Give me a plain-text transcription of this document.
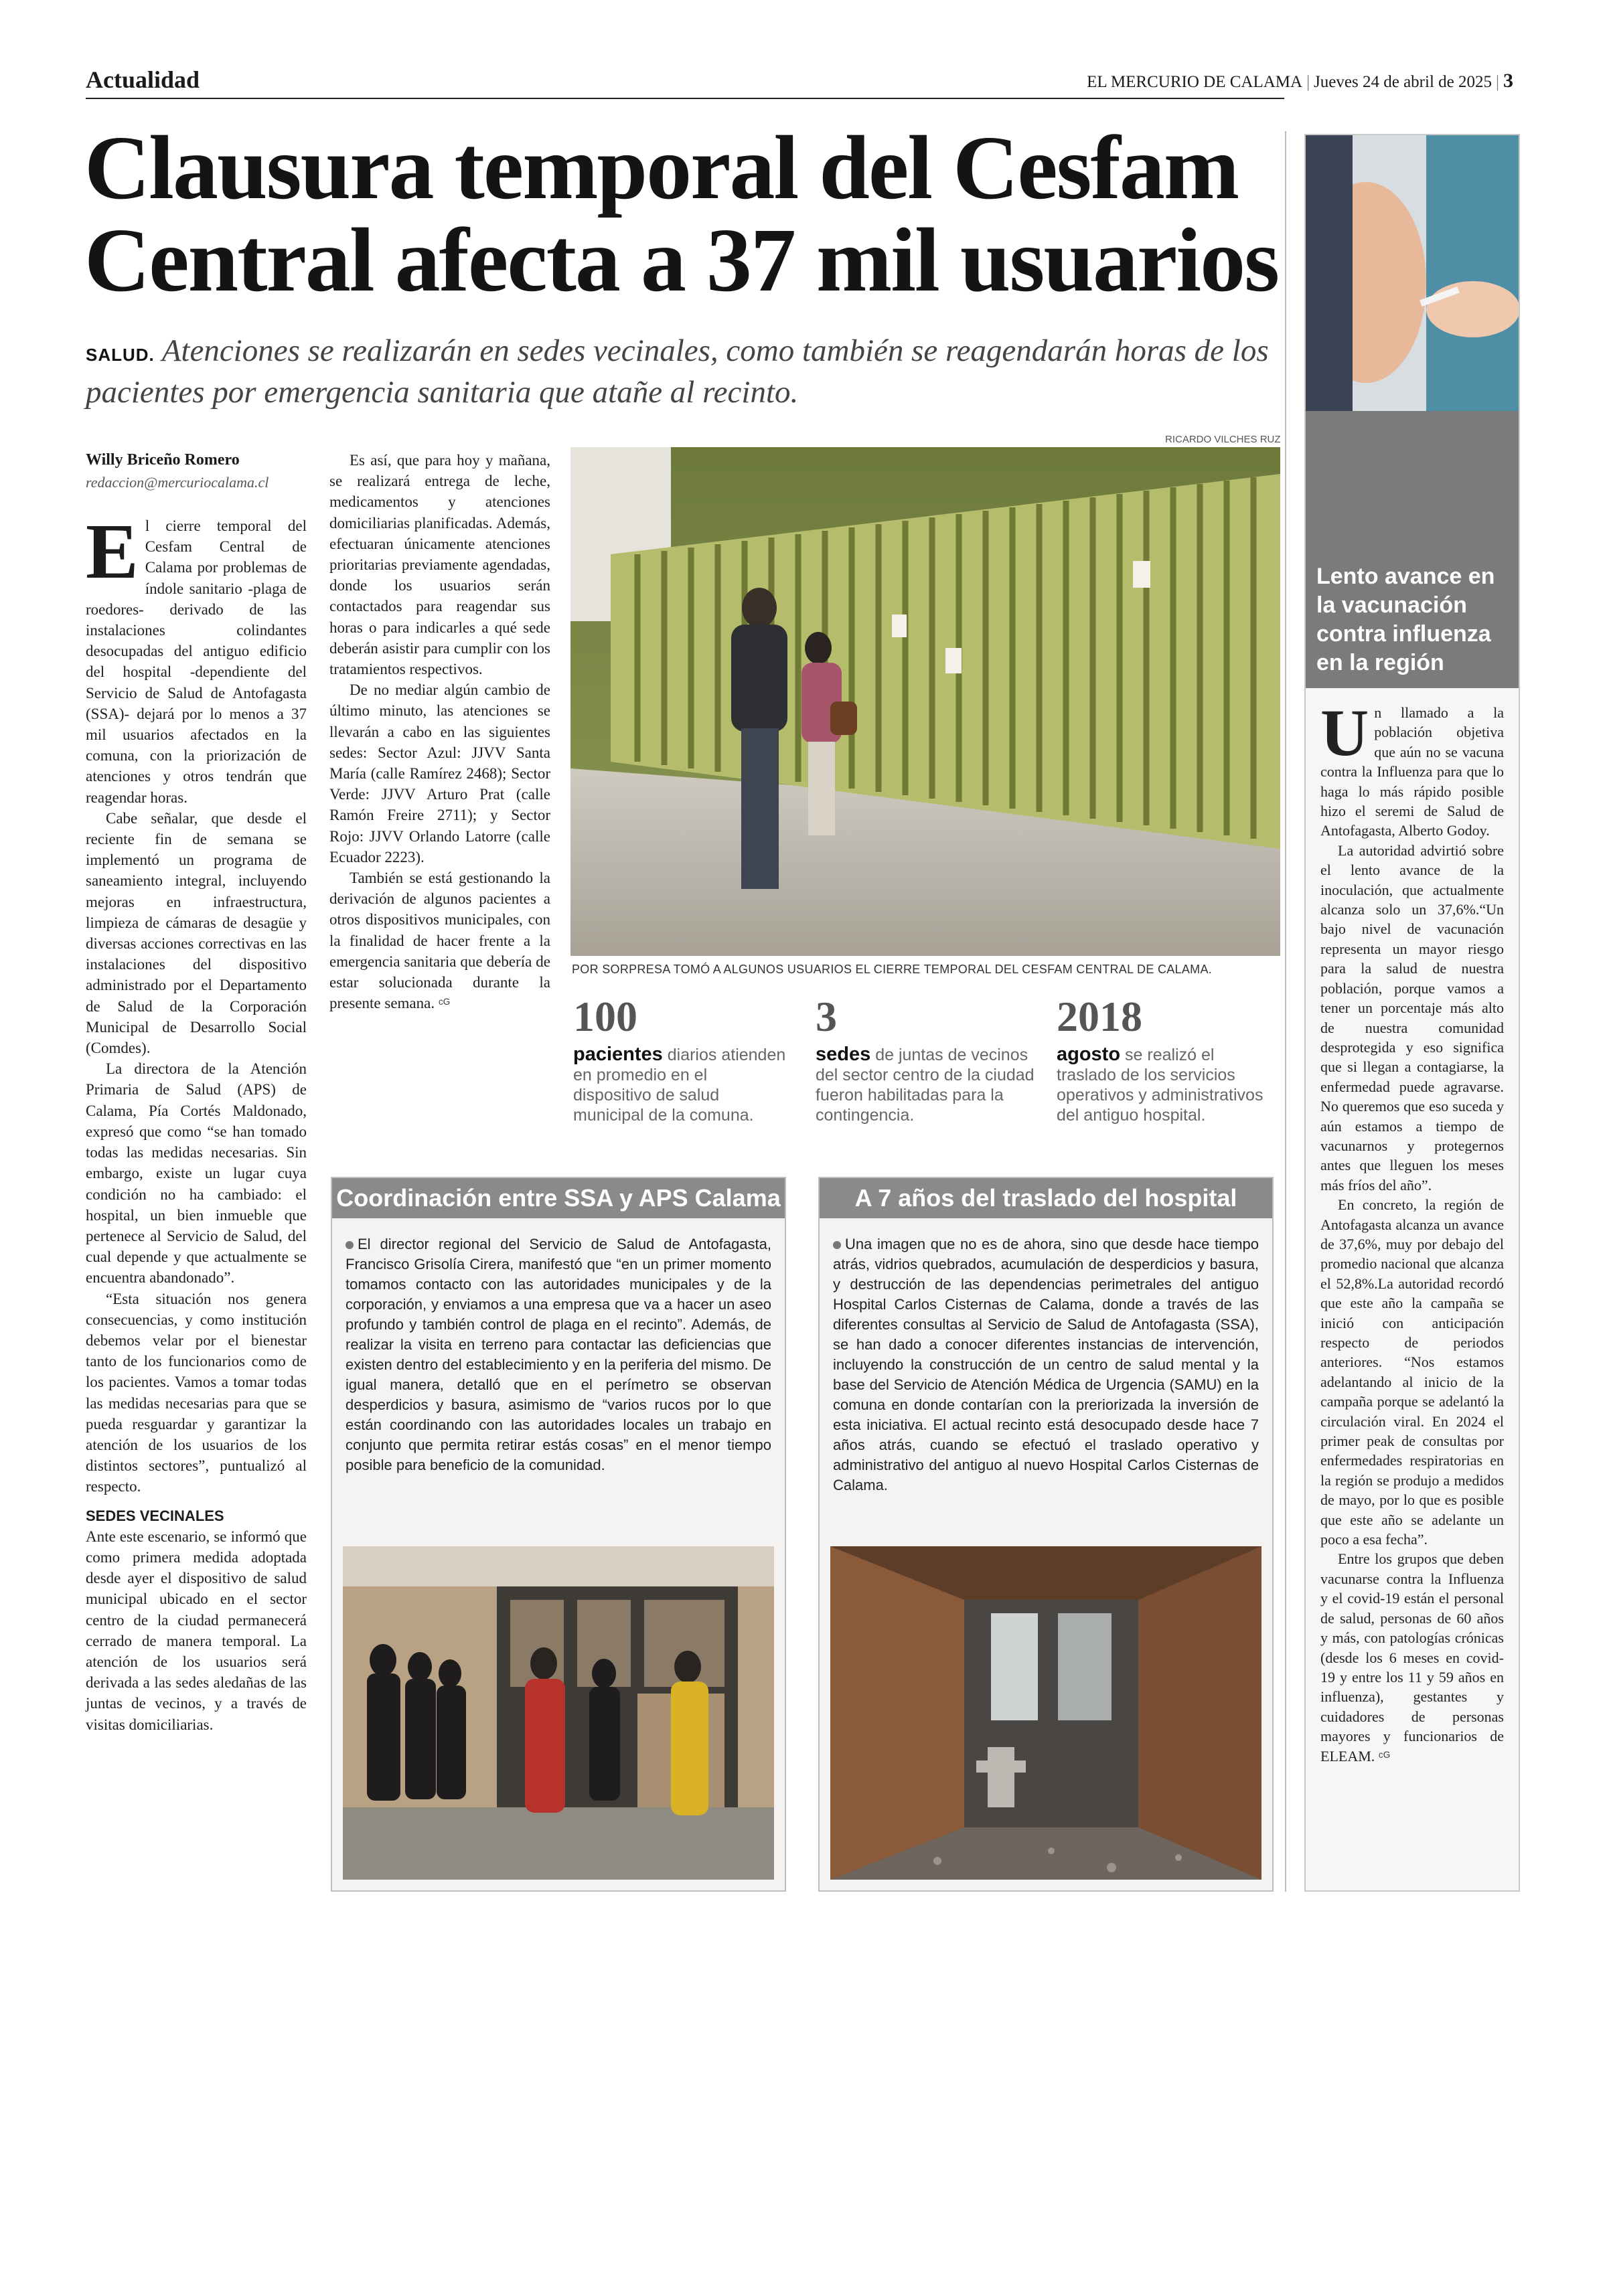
Actualidad	EL MERCURIO DE CALAMA | Jueves 24 de abril de 2025 | 3
Clausura temporal del Cesfam
Central afecta a 37 mil usuarios
SALUD. Atenciones se realizarán en sedes vecinales, como también se reagendarán horas de los pacientes por emergencia sanitaria que atañe al recinto.
Willy Briceño Romero
redaccion@mercuriocalama.cl

El cierre temporal del Cesfam Central de Calama por problemas de índole sanitario -plaga de roedores- derivado de las instalaciones colindantes desocupadas del antiguo edificio del hospital -dependiente del Servicio de Salud de Antofagasta (SSA)- dejará por lo menos a 37 mil usuarios afectados en la comuna, con la priorización de atenciones y otros tendrán que reagendar horas.

Cabe señalar, que desde el reciente fin de semana se implementó un programa de saneamiento integral, incluyendo mejoras en infraestructura, limpieza de cámaras de desagüe y diversas acciones correctivas en las instalaciones del dispositivo administrado por el Departamento de Salud de la Corporación Municipal de Desarrollo Social (Comdes).

La directora de la Atención Primaria de Salud (APS) de Calama, Pía Cortés Maldonado, expresó que como “se han tomado todas las medidas necesarias. Sin embargo, existe un lugar cuya condición no ha cambiado: el hospital, un bien inmueble que pertenece al Servicio de Salud, del cual depende y que actualmente se encuentra abandonado”.

“Esta situación nos genera consecuencias, y como institución debemos velar por el bienestar tanto de los funcionarios como de los pacientes. Vamos a tomar todas las medidas necesarias para que se pueda resguardar y garantizar la atención de los usuarios de los distintos sectores”, puntualizó al respecto.

SEDES VECINALES

Ante este escenario, se informó que como primera medida adoptada desde ayer el dispositivo de salud municipal ubicado en el sector centro de la ciudad permanecerá cerrado de manera temporal. La atención de los usuarios será derivada a las sedes aledañas de las juntas de vecinos, y a través de visitas domiciliarias.

Es así, que para hoy y mañana, se realizará entrega de leche, medicamentos y atenciones domiciliarias planificadas. Además, efectuaran únicamente atenciones prioritarias previamente agendadas, donde los usuarios serán contactados para reagendar sus horas o para indicarles a qué sede deberán asistir para cumplir con los tratamientos respectivos.

De no mediar algún cambio de último minuto, las atenciones se llevarán a cabo en las siguientes sedes: Sector Azul: JJVV Santa María (calle Ramírez 2468); Sector Verde: JJVV Arturo Prat (calle Ramón Freire 2711); y Sector Rojo: JJVV Orlando Latorre (calle Ecuador 2223).

También se está gestionando la derivación de algunos pacientes a otros dispositivos municipales, con la finalidad de hacer frente a la emergencia sanitaria que debería de estar solucionada durante la presente semana. ᶜᴳ

RICARDO VILCHES RUZ
POR SORPRESA TOMÓ A ALGUNOS USUARIOS EL CIERRE TEMPORAL DEL CESFAM CENTRAL DE CALAMA.
100
pacientes diarios atienden en promedio en el dispositivo de salud municipal de la comuna.
3
sedes de juntas de vecinos del sector centro de la ciudad fueron habilitadas para la contingencia.
2018
agosto se realizó el traslado de los servicios operativos y administrativos del antiguo hospital.
Coordinación entre SSA y APS Calama
El director regional del Servicio de Salud de Antofagasta, Francisco Grisolía Cirera, manifestó que “en un primer momento tomamos contacto con las autoridades municipales y de la corporación, y enviamos a una empresa que va a hacer un aseo profundo y también control de plaga en el recinto”. Además, de realizar la visita en terreno para contactar las deficiencias que existen dentro del establecimiento y en la periferia del mismo. De igual manera, detalló que en el perímetro se observan desperdicios y basura, asimismo de “varios rucos por lo que están coordinando con las autoridades locales un trabajo en conjunto que permita retirar estás cosas” en el menor tiempo posible para beneficio de la comunidad.
A 7 años del traslado del hospital
Una imagen que no es de ahora, sino que desde hace tiempo atrás, vidrios quebrados, acumulación de desperdicios y basura, y destrucción de las dependencias perimetrales del antiguo Hospital Carlos Cisternas de Calama, donde a través de las diferentes consultas al Servicio de Salud de Antofagasta (SSA), se han dado a conocer diferentes instancias de intervención, incluyendo la construcción de un centro de salud mental y la base del Servicio de Atención Médica de Urgencia (SAMU) en la comuna en donde contarían con la preriorizada la inversión de esta iniciativa. El actual recinto está desocupado desde hace 7 años atrás, cuando se efectuó el traslado operativo y administrativo del antiguo al nuevo Hospital Carlos Cisternas de Calama.
Lento avance en la vacunación contra influenza en la región

Un llamado a la población objetiva que aún no se vacuna contra la Influenza para que lo haga lo más rápido posible hizo el seremi de Salud de Antofagasta, Alberto Godoy.

La autoridad advirtió sobre el lento avance de la inoculación, que actualmente alcanza solo un 37,6%.“Un bajo nivel de vacunación representa un mayor riesgo para la salud de nuestra población, porque vamos a tener un porcentaje más alto de nuestra comunidad desprotegida y eso significa que si llegan a contagiarse, la enfermedad puede agravarse. No queremos que eso suceda y aún estamos a tiempo de vacunarnos y protegernos antes que lleguen los meses más fríos del año”.

En concreto, la región de Antofagasta alcanza un avance de 37,6%, muy por debajo del promedio nacional que alcanza el 52,8%.La autoridad recordó que este año la campaña se inició con anticipación respecto de periodos anteriores. “Nos estamos adelantando al inicio de la campaña porque se adelantó la circulación viral. En 2024 el primer peak de consultas por enfermedades respiratorias en la región se produjo a medidos de mayo, por lo que es posible que este año se adelante un poco a esa fecha”.

Entre los grupos que deben vacunarse contra la Influenza y el covid-19 están el personal de salud, personas de 60 años y más, con patologías crónicas (desde los 6 meses en covid-19 y entre los 11 y 59 años en influenza), gestantes y cuidadores de personas mayores y funcionarios de ELEAM. ᶜᴳ
